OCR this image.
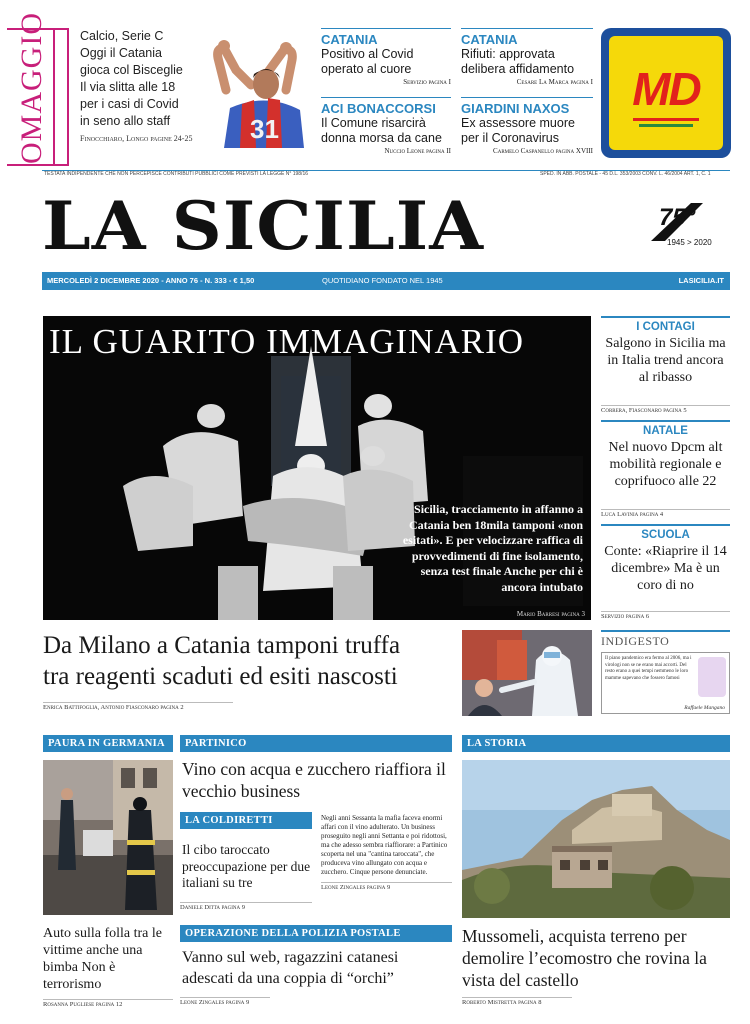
OMAGGIO	Calcio, Serie C
Oggi il Catania
gioca col Bisceglie
Il via slitta alle 18
per i casi di Covid
in seno allo staff
Finocchiaro, Longo pagine 24-25	31
CATANIA
Positivo al Covid operato al cuore
Servizio pagina I
CATANIA
Rifiuti: approvata delibera affidamento
Cesare La Marca pagina I
ACI BONACCORSI
Il Comune risarcirà donna morsa da cane
Nuccio Leone pagina II
GIARDINI NAXOS
Ex assessore muore per il Coronavirus
Carmelo Caspanello pagina XVIII
MD
TESTATA INDIPENDENTE CHE NON PERCEPISCE CONTRIBUTI PUBBLICI COME PREVISTI LA LEGGE N° 198/16	SPED. IN ABB. POSTALE - 45 D.L. 353/2003 CONV. L. 46/2004 ART. 1, C. 1
LA SICILIA	75°
1945 > 2020
MERCOLEDÌ 2 DICEMBRE 2020 - ANNO 76 - N. 333 - € 1,50	QUOTIDIANO FONDATO NEL 1945	LASICILIA.IT
IL GUARITO IMMAGINARIO
Sicilia, tracciamento in affanno a Catania ben 18mila tamponi «non esitati». E per velocizzare raffica di provvedimenti di fine isolamento, senza test finale Anche per chi è ancora intubato
Mario Barresi pagina 3
I CONTAGI
Salgono in Sicilia ma in Italia trend ancora al ribasso
Correra, Fiasconaro pagina 5
NATALE
Nel nuovo Dpcm alt mobilità regionale e coprifuoco alle 22
Luca Lavinia pagina 4
SCUOLA
Conte: «Riaprire il 14 dicembre» Ma è un coro di no
Servizio pagina 6
Da Milano a Catania tamponi truffa
tra reagenti scaduti ed esiti nascosti
Enrica Battifoglia, Antonio Fiasconaro pagina 2
INDIGESTO
Il piano pandemico era fermo al 2006, ma i virologi non se ne erano mai accorti. Del resto erano a quei tempi nemmeno le loro mamme sapevano che fossero famosi
Raffaele Mangano
PAURA IN GERMANIA
Auto sulla folla tra le vittime anche una bimba Non è terrorismo
Rosanna Pugliese pagina 12
PARTINICO
Vino con acqua e zucchero riaffiora il vecchio business
LA COLDIRETTI
Il cibo taroccato preoccupazione per due italiani su tre
Daniele Ditta pagina 9
Negli anni Sessanta la mafia faceva enormi affari con il vino adulterato. Un business proseguito negli anni Settanta e poi ridottosi, ma che adesso sembra riaffiorare: a Partinico scoperta nel una "cantina taroccata", che produceva vino allungato con acqua e zucchero. Cinque persone denunciate.
Leone Zingales pagina 9
OPERAZIONE DELLA POLIZIA POSTALE
Vanno sul web, ragazzini catanesi adescati da una coppia di “orchi”
Leone Zingales pagina 9
LA STORIA
Mussomeli, acquista terreno per demolire l’ecomostro che rovina la vista del castello
Roberto Mistretta pagina 8
